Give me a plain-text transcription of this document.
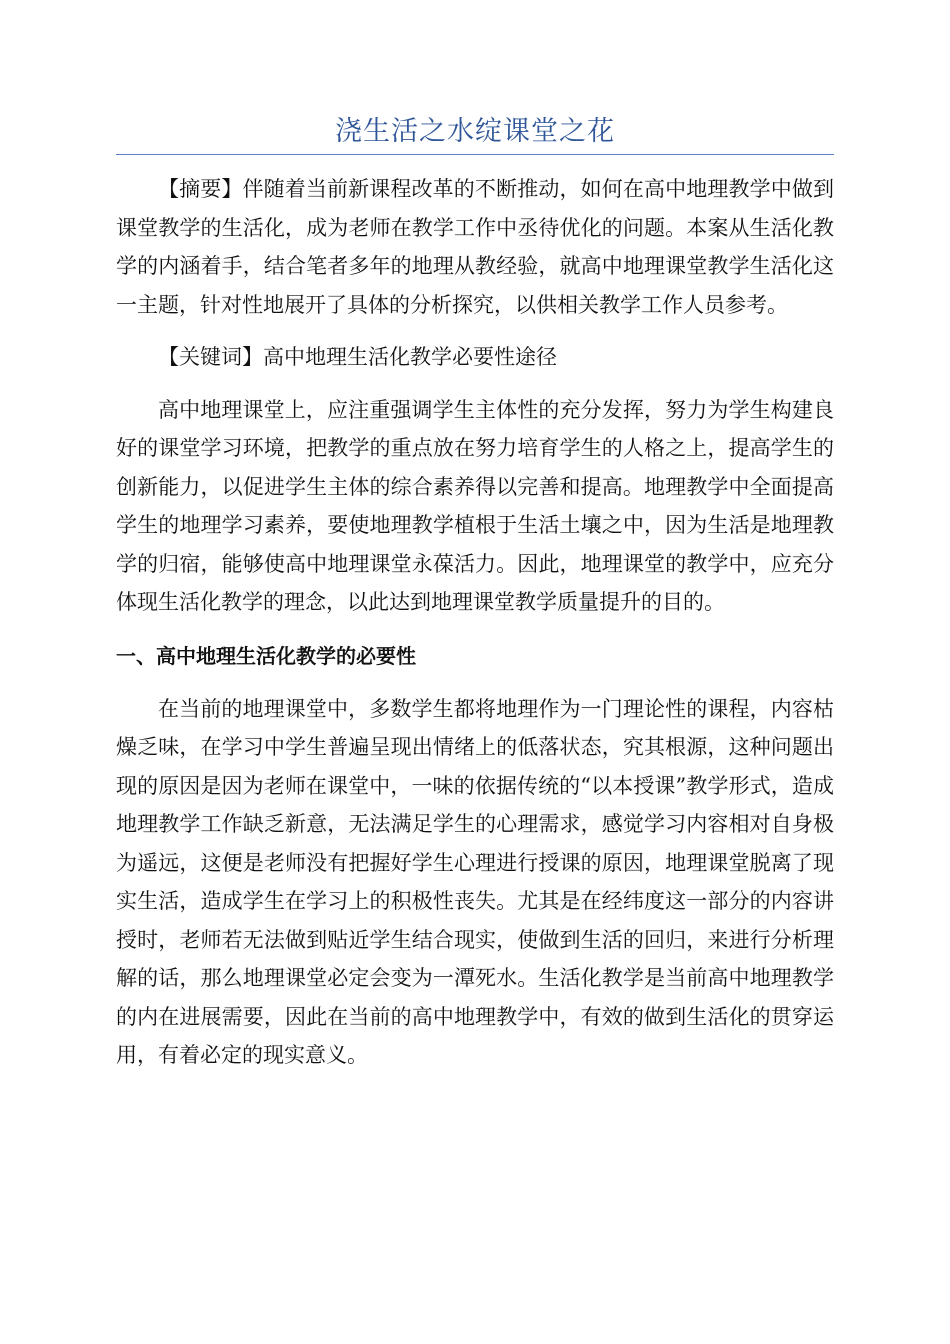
浇生活之水绽课堂之花

【摘要】伴随着当前新课程改革的不断推动，如何在高中地理教学中做到课堂教学的生活化，成为老师在教学工作中丞待优化的问题。本案从生活化教学的内涵着手，结合笔者多年的地理从教经验，就高中地理课堂教学生活化这一主题，针对性地展开了具体的分析探究，以供相关教学工作人员参考。

【关键词】高中地理生活化教学必要性途径

高中地理课堂上，应注重强调学生主体性的充分发挥，努力为学生构建良好的课堂学习环境，把教学的重点放在努力培育学生的人格之上，提高学生的创新能力，以促进学生主体的综合素养得以完善和提高。地理教学中全面提高学生的地理学习素养，要使地理教学植根于生活土壤之中，因为生活是地理教学的归宿，能够使高中地理课堂永葆活力。因此，地理课堂的教学中，应充分体现生活化教学的理念，以此达到地理课堂教学质量提升的目的。

一、高中地理生活化教学的必要性

在当前的地理课堂中，多数学生都将地理作为一门理论性的课程，内容枯燥乏味，在学习中学生普遍呈现出情绪上的低落状态，究其根源，这种问题出现的原因是因为老师在课堂中，一味的依据传统的“以本授课”教学形式，造成地理教学工作缺乏新意，无法满足学生的心理需求，感觉学习内容相对自身极为遥远，这便是老师没有把握好学生心理进行授课的原因，地理课堂脱离了现实生活，造成学生在学习上的积极性丧失。尤其是在经纬度这一部分的内容讲授时，老师若无法做到贴近学生结合现实，使做到生活的回归，来进行分析理解的话，那么地理课堂必定会变为一潭死水。生活化教学是当前高中地理教学的内在进展需要，因此在当前的高中地理教学中，有效的做到生活化的贯穿运用，有着必定的现实意义。
